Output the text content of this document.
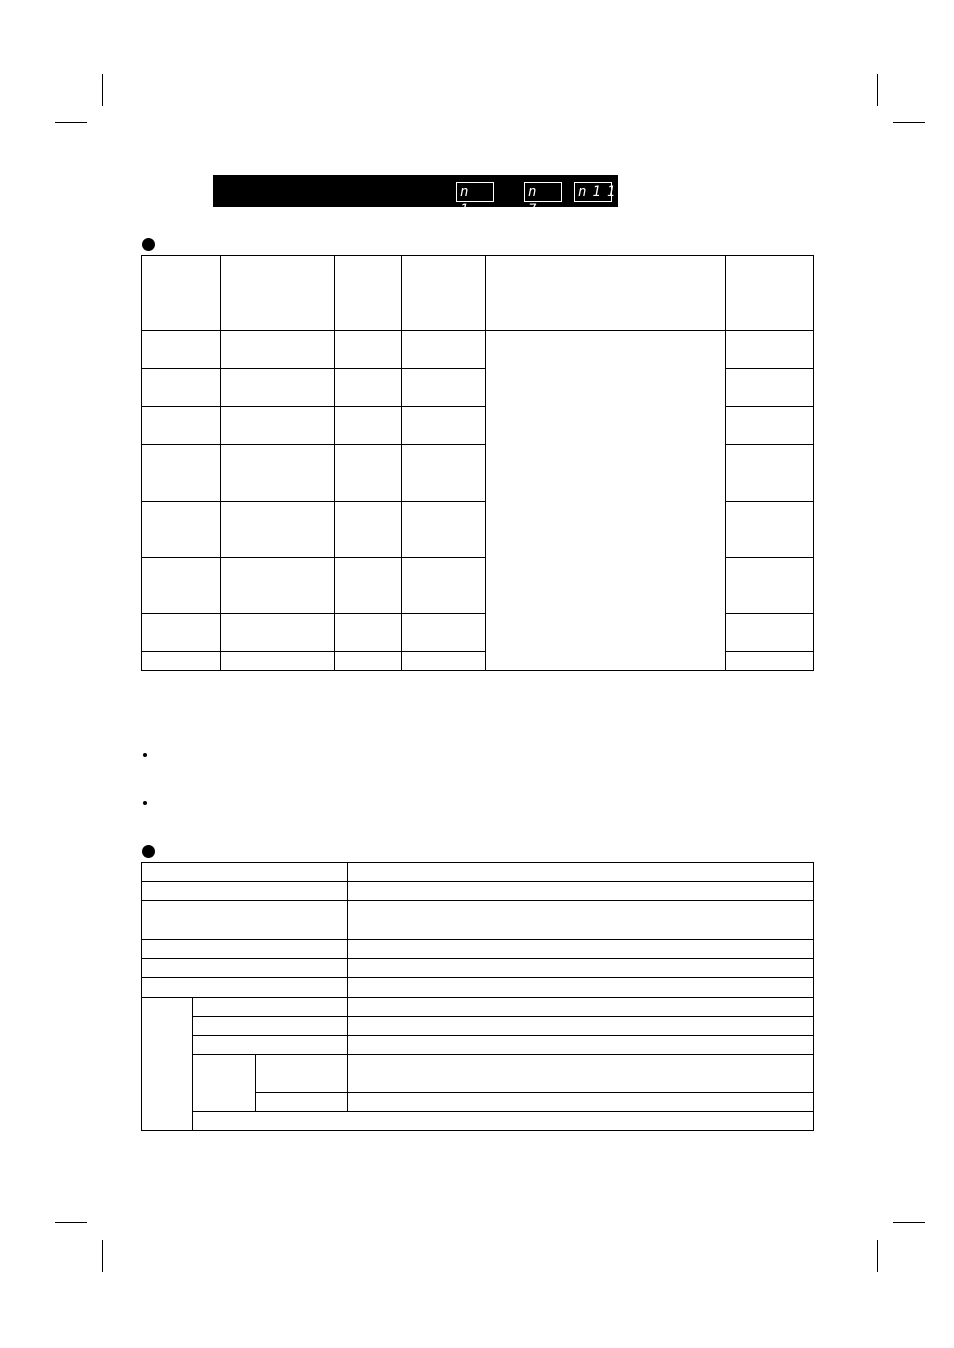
n 1
n 7
n11
